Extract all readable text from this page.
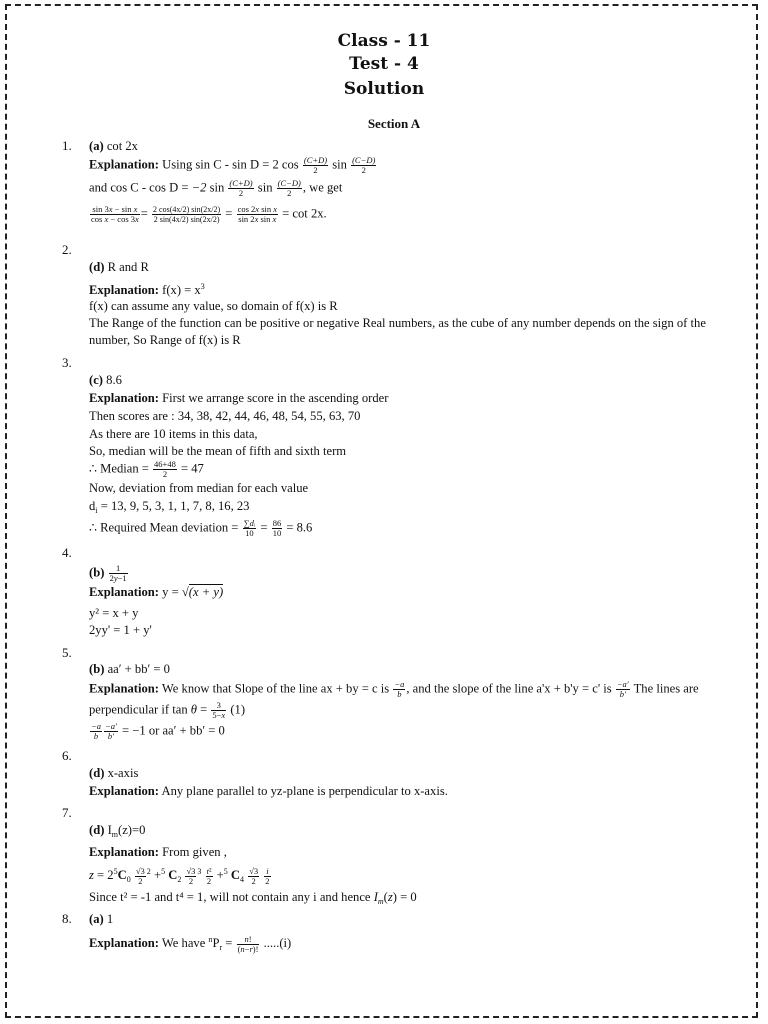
Class - 11
Test - 4
Solution
Section A
1. (a) cot 2x
Explanation: Using sin C - sin D = 2 $\cos \frac{(C+D)}{2}$ $\sin \frac{(C-D)}{2}$
and cos C - cos D = −2 $\sin \frac{(C+D)}{2}$ $\sin \frac{(C-D)}{2}$ , we get
$\frac{\text{sin 3x − sin x}}{\text{cos x − cos 3x}} = \frac{2 \cos(4x/2) \sin(2x/2)}{2 \sin(4x/2) \sin(2x/2)} = \frac{\text{cos 2x sin x}}{\text{sin 2x sin x}} = \cot 2x$.
2.
(d) R and R
Explanation: $f(x) = x^3$
f(x) can assume any value, so domain of f(x) is R
The Range of the function can be positive or negative Real numbers, as the cube of any number depends on the sign of the number, So Range of f(x) is R
3.
(c) 8.6
Explanation: First we arrange score in the ascending order
Then scores are : 34, 38, 42, 44, 46, 48, 54, 55, 63, 70
As there are 10 items in this data,
So, median will be the mean of fifth and sixth term
∴ Median = $\frac{46+48}{2} = 47$
Now, deviation from median for each value
$d_i = 13$, 9, 5, 3, 1, 1, 7, 8, 16, 23
∴ Required Mean deviation = $\frac{\text{∑dᵢ}}{10} = \frac{86}{10} = 8.6$
4.
$(b) \frac{1}{2y-1}$
Explanation: y = √(x + y)
y² = x + y
2yy' = 1 + y'
5.
(b) aa′ + bb′ = 0
Explanation: We know that Slope of the line ax + by = c is $\frac{-a}{b}$ , and the slope of the line a'x + b'y = c' is $\frac{-a'}{b'}$ The lines are
perpendicular if $\tan \theta = \frac{3}{5-x} (1)$
$\frac{-a}{b} \frac{-a'}{b'} = -1$ or aa′ + bb′ = 0
6.
(d) x-axis
Explanation: Any plane parallel to yz-plane is perpendicular to x-axis.
7.
(d) $I_m(z)=0$
Explanation: From given ,
$z = 2^5C_0 \frac{√3}{2} ^2 +^5$ $C_2 \frac{√3}{2} ^3 \frac{\text{t²}}{2} +^5$ $C_4 \frac{√3}{2}$
$\frac{i}{2}$
Since t² = -1 and t⁴ = 1, will not contain any i and hence $I_m(z) = 0$
8. (a) 1
Explanation: We have $^nP_r = \frac{n!}{(n-r)!} .....(i)$
